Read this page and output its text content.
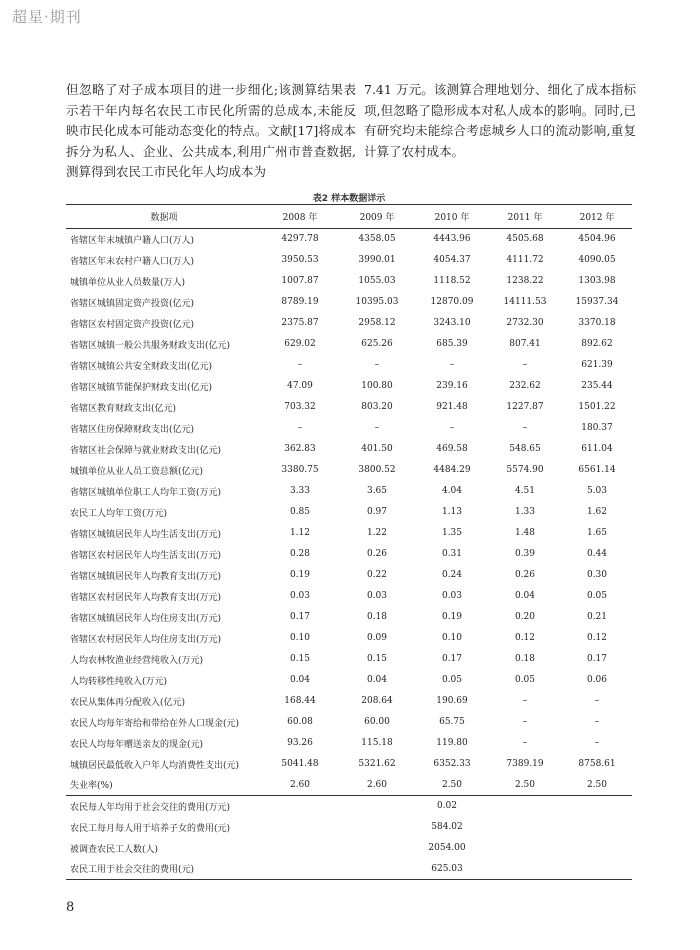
超星·期刊

但忽略了对子成本项目的进一步细化;该测算结果表示若干年内每名农民工市民化所需的总成本,未能反映市民化成本可能动态变化的特点。文献[17]将成本拆分为私人、企业、公共成本,利用广州市普查数据,测算得到农民工市民化年人均成本为

7.41 万元。该测算合理地划分、细化了成本指标项,但忽略了隐形成本对私人成本的影响。同时,已有研究均未能综合考虑城乡人口的流动影响,重复计算了农村成本。

表2 样本数据详示
数据项	2008 年	2009 年	2010 年	2011 年	2012 年
省辖区年末城镇户籍人口(万人)	4297.78	4358.05	4443.96	4505.68	4504.96
省辖区年末农村户籍人口(万人)	3950.53	3990.01	4054.37	4111.72	4090.05
城镇单位从业人员数量(万人)	1007.87	1055.03	1118.52	1238.22	1303.98
省辖区城镇固定资产投资(亿元)	8789.19	10395.03	12870.09	14111.53	15937.34
省辖区农村固定资产投资(亿元)	2375.87	2958.12	3243.10	2732.30	3370.18
省辖区城镇一般公共服务财政支出(亿元)	629.02	625.26	685.39	807.41	892.62
省辖区城镇公共安全财政支出(亿元)	–	–	–	–	621.39
省辖区城镇节能保护财政支出(亿元)	47.09	100.80	239.16	232.62	235.44
省辖区教育财政支出(亿元)	703.32	803.20	921.48	1227.87	1501.22
省辖区住房保障财政支出(亿元)	–	–	–	–	180.37
省辖区社会保障与就业财政支出(亿元)	362.83	401.50	469.58	548.65	611.04
城镇单位从业人员工资总额(亿元)	3380.75	3800.52	4484.29	5574.90	6561.14
省辖区城镇单位职工人均年工资(万元)	3.33	3.65	4.04	4.51	5.03
农民工人均年工资(万元)	0.85	0.97	1.13	1.33	1.62
省辖区城镇居民年人均生活支出(万元)	1.12	1.22	1.35	1.48	1.65
省辖区农村居民年人均生活支出(万元)	0.28	0.26	0.31	0.39	0.44
省辖区城镇居民年人均教育支出(万元)	0.19	0.22	0.24	0.26	0.30
省辖区农村居民年人均教育支出(万元)	0.03	0.03	0.03	0.04	0.05
省辖区城镇居民年人均住房支出(万元)	0.17	0.18	0.19	0.20	0.21
省辖区农村居民年人均住房支出(万元)	0.10	0.09	0.10	0.12	0.12
人均农林牧渔业经营纯收入(万元)	0.15	0.15	0.17	0.18	0.17
人均转移性纯收入(万元)	0.04	0.04	0.05	0.05	0.06
农民从集体再分配收入(亿元)	168.44	208.64	190.69	–	–
农民人均每年寄给和带给在外人口现金(元)	60.08	60.00	65.75	–	–
农民人均每年赠送亲友的现金(元)	93.26	115.18	119.80	–	–
城镇居民最低收入户年人均消费性支出(元)	5041.48	5321.62	6352.33	7389.19	8758.61
失业率(%)	2.60	2.60	2.50	2.50	2.50
农民每人年均用于社会交往的费用(万元)	0.02				
农民工每月每人用于培养子女的费用(元)	584.02				
被调查农民工人数(人)	2054.00				
农民工用于社会交往的费用(元)	625.03				
8
